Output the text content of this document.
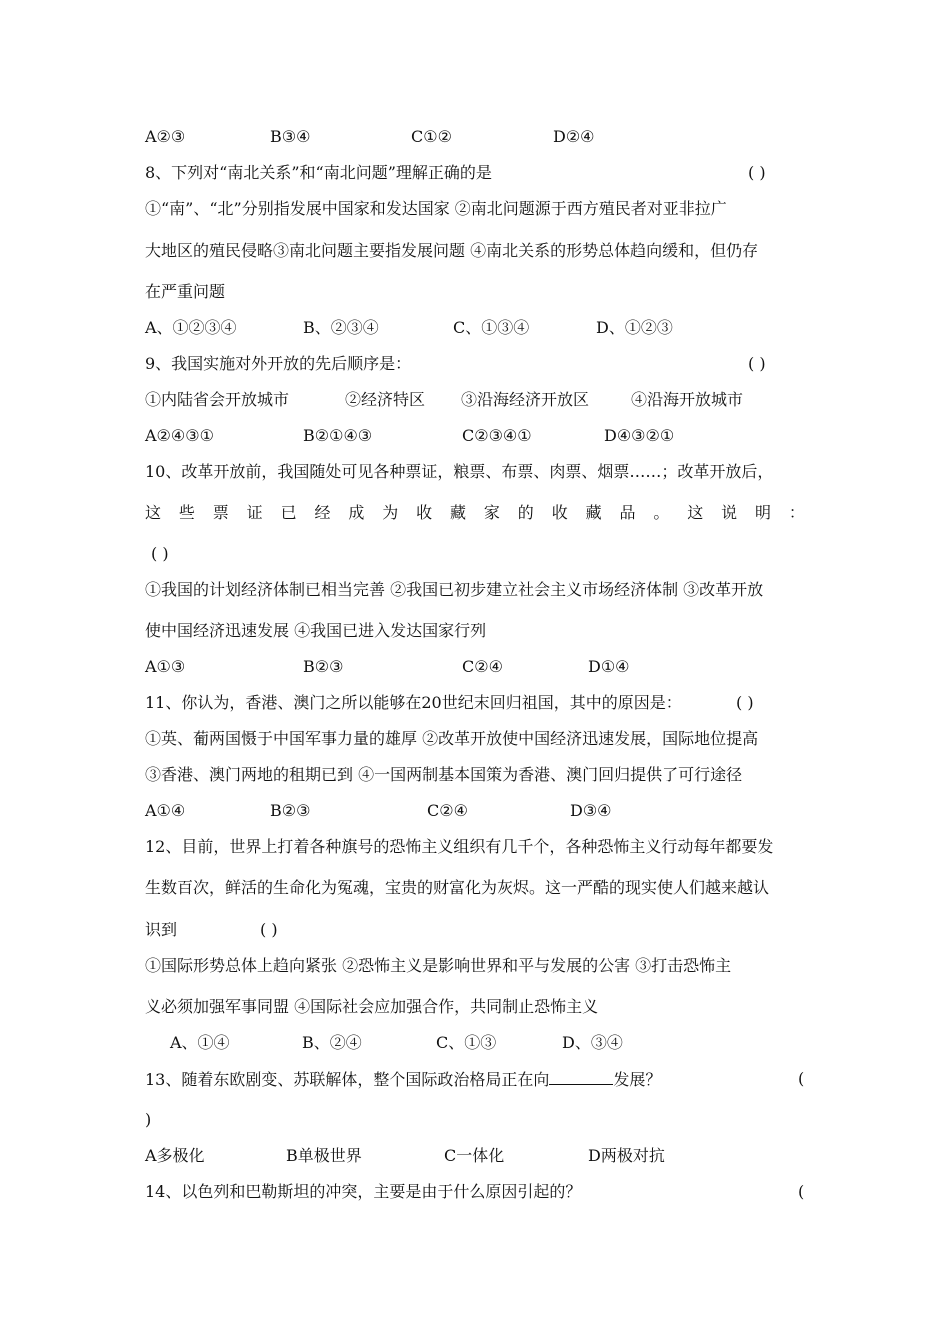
A②③	B③④	C①②	D②④
8、下列对“南北关系”和“南北问题”理解正确的是	( )
①“南”、“北”分别指发展中国家和发达国家 ②南北问题源于西方殖民者对亚非拉广
大地区的殖民侵略③南北问题主要指发展问题 ④南北关系的形势总体趋向缓和，但仍存
在严重问题
A、①②③④	B、②③④	C、①③④	D、①②③
9、我国实施对外开放的先后顺序是：	( )
①内陆省会开放城市	②经济特区 ③沿海经济开放区	④沿海开放城市
A②④③①	B②①④③	C②③④①	D④③②①
10、改革开放前，我国随处可见各种票证，粮票、布票、肉票、烟票……；改革开放后，
这 些 票 证 已 经 成 为 收 藏 家 的 收 藏 品 。 这 说 明 ：
( )
①我国的计划经济体制已相当完善 ②我国已初步建立社会主义市场经济体制 ③改革开放
使中国经济迅速发展 ④我国已进入发达国家行列
A①③	B②③	C②④	D①④
11、你认为，香港、澳门之所以能够在20世纪末回归祖国，其中的原因是：	( )
①英、葡两国慑于中国军事力量的雄厚 ②改革开放使中国经济迅速发展，国际地位提高
③香港、澳门两地的租期已到 ④一国两制基本国策为香港、澳门回归提供了可行途径
A①④	B②③	C②④	D③④
12、目前，世界上打着各种旗号的恐怖主义组织有几千个，各种恐怖主义行动每年都要发
生数百次，鲜活的生命化为冤魂，宝贵的财富化为灰烬。这一严酷的现实使人们越来越认
识到	( )
①国际形势总体上趋向紧张 ②恐怖主义是影响世界和平与发展的公害 ③打击恐怖主
义必须加强军事同盟 ④国际社会应加强合作，共同制止恐怖主义
A、①④	B、②④	C、①③	D、③④
13、随着东欧剧变、苏联解体，整个国际政治格局正在向	发展？	(
)
A多极化	B单极世界	C一体化	D两极对抗
14、以色列和巴勒斯坦的冲突，主要是由于什么原因引起的？	(
